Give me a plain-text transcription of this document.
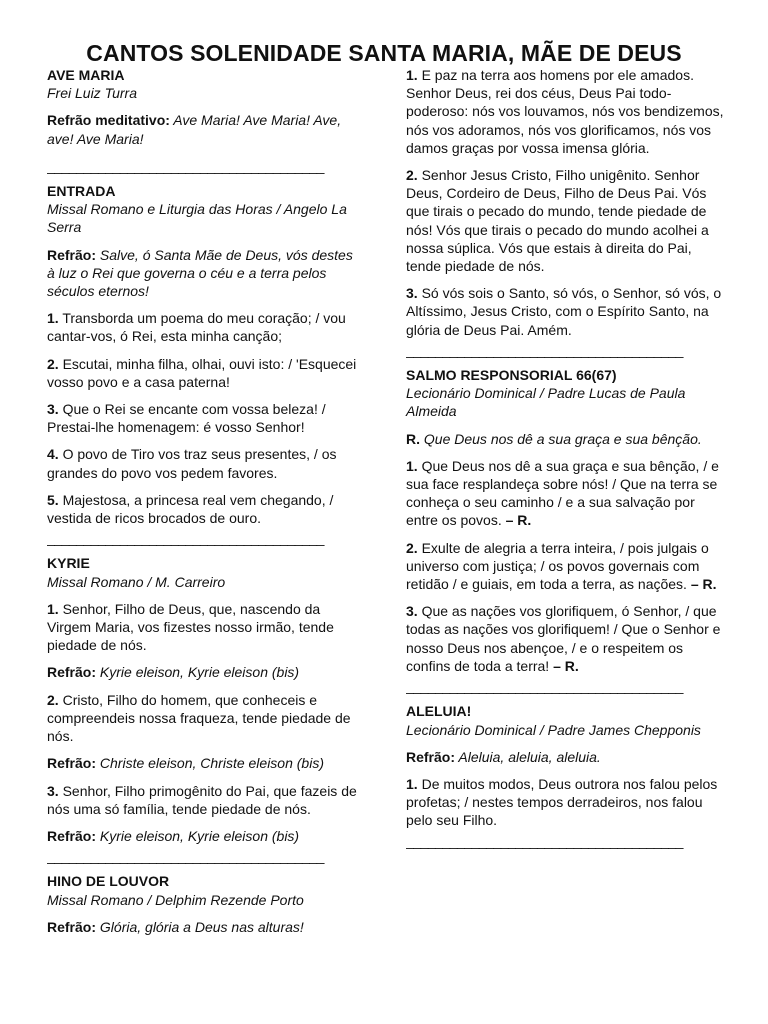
CANTOS SOLENIDADE SANTA MARIA, MÃE DE DEUS

AVE MARIA

Frei Luiz Turra

Refrão meditativo: Ave Maria! Ave Maria! Ave, ave! Ave Maria!

______________________________________

ENTRADA

Missal Romano e Liturgia das Horas / Angelo La Serra

Refrão: Salve, ó Santa Mãe de Deus, vós destes à luz o Rei que governa o céu e a terra pelos séculos eternos!

1. Transborda um poema do meu coração; / vou cantar-vos, ó Rei, esta minha canção;

2. Escutai, minha filha, olhai, ouvi isto: / 'Esquecei vosso povo e a casa paterna!

3. Que o Rei se encante com vossa beleza! / Prestai-lhe homenagem: é vosso Senhor!

4. O povo de Tiro vos traz seus presentes, / os grandes do povo vos pedem favores.

5. Majestosa, a princesa real vem chegando, / vestida de ricos brocados de ouro.

______________________________________

KYRIE

Missal Romano / M. Carreiro

1. Senhor, Filho de Deus, que, nascendo da Virgem Maria, vos fizestes nosso irmão, tende piedade de nós.

Refrão: Kyrie eleison, Kyrie eleison (bis)

2. Cristo, Filho do homem, que conheceis e compreendeis nossa fraqueza, tende piedade de nós.

Refrão: Christe eleison, Christe eleison (bis)

3. Senhor, Filho primogênito do Pai, que fazeis de nós uma só família, tende piedade de nós.

Refrão: Kyrie eleison, Kyrie eleison (bis)

______________________________________

HINO DE LOUVOR

Missal Romano / Delphim Rezende Porto

Refrão: Glória, glória a Deus nas alturas!

1. E paz na terra aos homens por ele amados. Senhor Deus, rei dos céus, Deus Pai todo-poderoso: nós vos louvamos, nós vos bendizemos, nós vos adoramos, nós vos glorificamos, nós vos damos graças por vossa imensa glória.

2. Senhor Jesus Cristo, Filho unigênito. Senhor Deus, Cordeiro de Deus, Filho de Deus Pai. Vós que tirais o pecado do mundo, tende piedade de nós! Vós que tirais o pecado do mundo acolhei a nossa súplica. Vós que estais à direita do Pai, tende piedade de nós.

3. Só vós sois o Santo, só vós, o Senhor, só vós, o Altíssimo, Jesus Cristo, com o Espírito Santo, na glória de Deus Pai. Amém.

______________________________________

SALMO RESPONSORIAL 66(67)

Lecionário Dominical / Padre Lucas de Paula Almeida

R. Que Deus nos dê a sua graça e sua bênção.

1. Que Deus nos dê a sua graça e sua bênção, / e sua face resplandeça sobre nós! / Que na terra se conheça o seu caminho / e a sua salvação por entre os povos. – R.

2. Exulte de alegria a terra inteira, / pois julgais o universo com justiça; / os povos governais com retidão / e guiais, em toda a terra, as nações. – R.

3. Que as nações vos glorifiquem, ó Senhor, / que todas as nações vos glorifiquem! / Que o Senhor e nosso Deus nos abençoe, / e o respeitem os confins de toda a terra! – R.

______________________________________

ALELUIA!

Lecionário Dominical / Padre James Chepponis

Refrão: Aleluia, aleluia, aleluia.

1. De muitos modos, Deus outrora nos falou pelos profetas; / nestes tempos derradeiros, nos falou pelo seu Filho.

______________________________________
